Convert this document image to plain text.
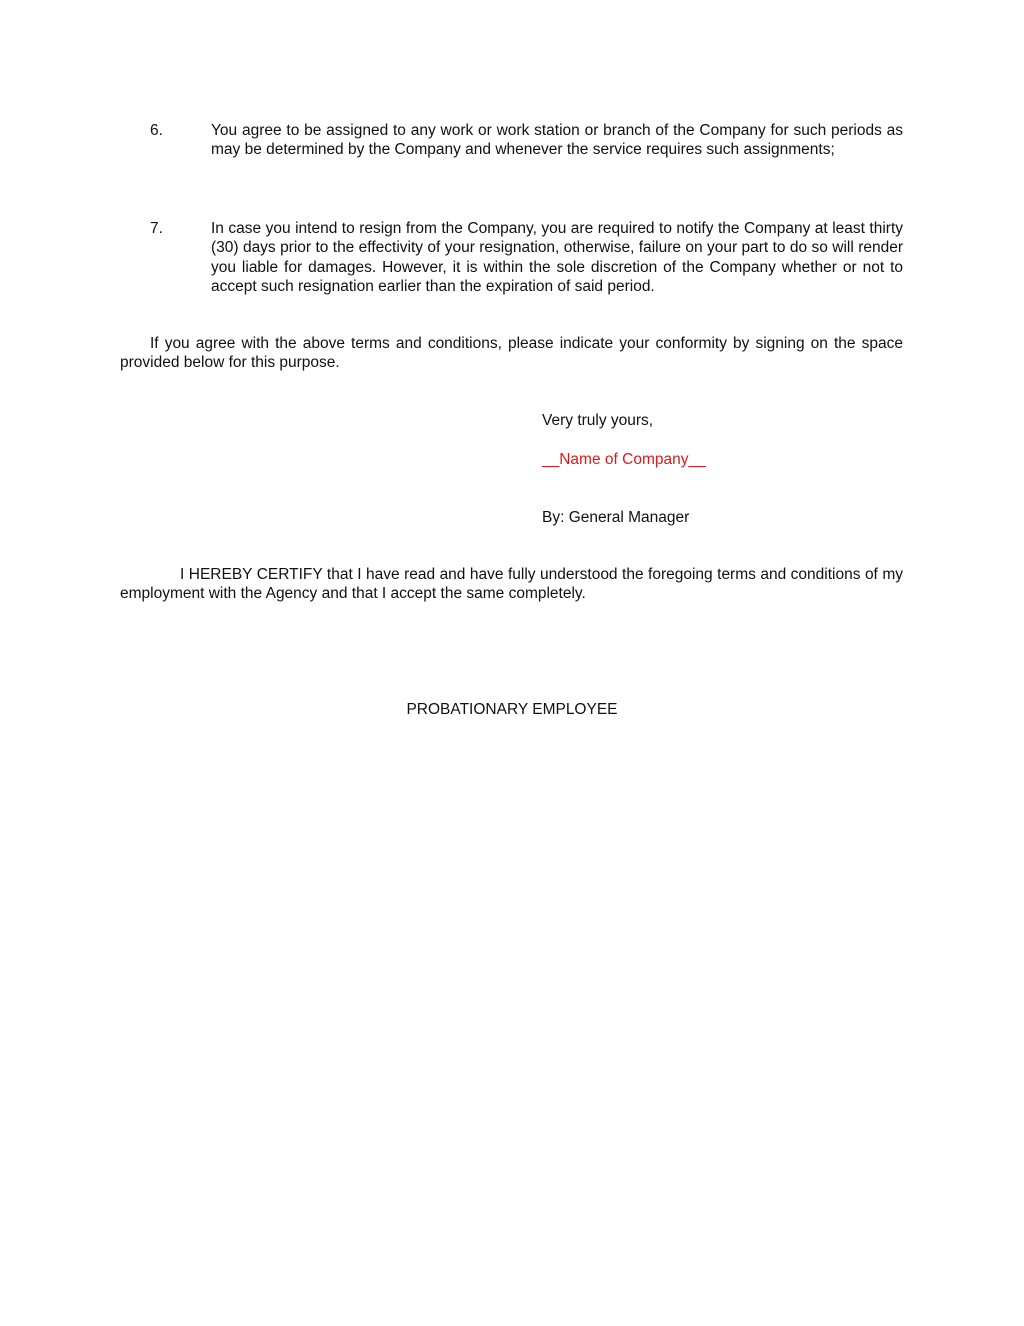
6.	You agree to be assigned to any work or work station or branch of the Company for such periods as may be determined by the Company and whenever the service requires such assignments;
7.	In case you intend to resign from the Company, you are required to notify the Company at least thirty (30) days prior to the effectivity of your resignation, otherwise, failure on your part to do so will render you liable for damages. However, it is within the sole discretion of the Company whether or not to accept such resignation earlier than the expiration of said period.
If you agree with the above terms and conditions, please indicate your conformity by signing on the space provided below for this purpose.
Very truly yours,
__Name of Company__
By: General Manager
I HEREBY CERTIFY that I have read and have fully understood the foregoing terms and conditions of my employment with the Agency and that I accept the same completely.
PROBATIONARY EMPLOYEE
